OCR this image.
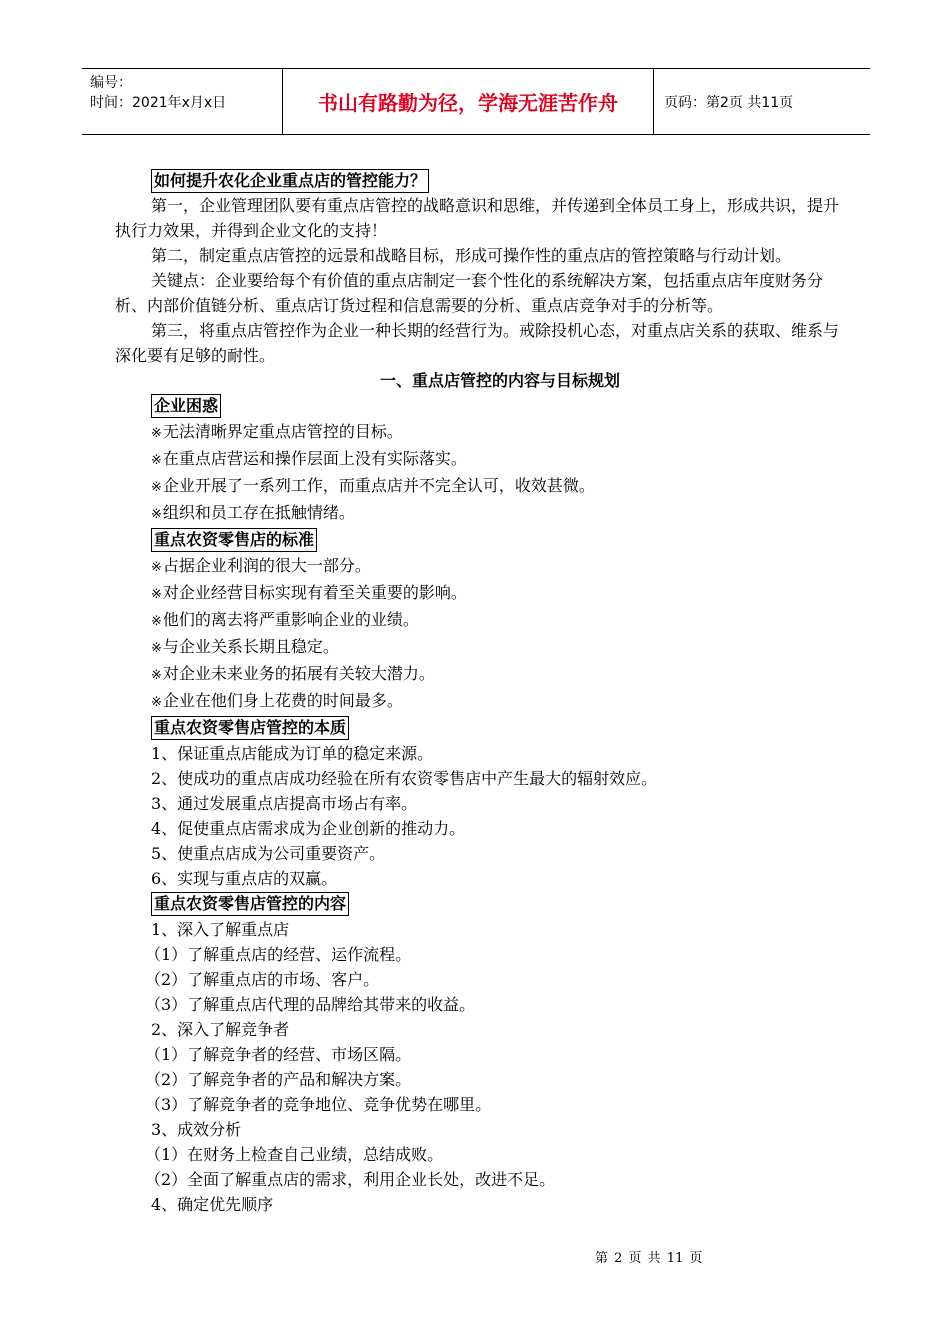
编号：
时间：2021年x月x日	书山有路勤为径，学海无涯苦作舟	页码：第2页 共11页
如何提升农化企业重点店的管控能力？

第一，企业管理团队要有重点店管控的战略意识和思维，并传递到全体员工身上，形成共识，提升执行力效果，并得到企业文化的支持！

第二，制定重点店管控的远景和战略目标，形成可操作性的重点店的管控策略与行动计划。

关键点：企业要给每个有价值的重点店制定一套个性化的系统解决方案，包括重点店年度财务分析、内部价值链分析、重点店订货过程和信息需要的分析、重点店竞争对手的分析等。

第三，将重点店管控作为企业一种长期的经营行为。戒除投机心态，对重点店关系的获取、维系与深化要有足够的耐性。

一、重点店管控的内容与目标规划

企业困惑

※无法清晰界定重点店管控的目标。

※在重点店营运和操作层面上没有实际落实。

※企业开展了一系列工作，而重点店并不完全认可，收效甚微。

※组织和员工存在抵触情绪。

重点农资零售店的标准

※占据企业利润的很大一部分。

※对企业经营目标实现有着至关重要的影响。

※他们的离去将严重影响企业的业绩。

※与企业关系长期且稳定。

※对企业未来业务的拓展有关较大潜力。

※企业在他们身上花费的时间最多。

重点农资零售店管控的本质

1、保证重点店能成为订单的稳定来源。

2、使成功的重点店成功经验在所有农资零售店中产生最大的辐射效应。

3、通过发展重点店提高市场占有率。

4、促使重点店需求成为企业创新的推动力。

5、使重点店成为公司重要资产。

6、实现与重点店的双赢。

重点农资零售店管控的内容

1、深入了解重点店

（1）了解重点店的经营、运作流程。

（2）了解重点店的市场、客户。

（3）了解重点店代理的品牌给其带来的收益。

2、深入了解竞争者

（1）了解竞争者的经营、市场区隔。

（2）了解竞争者的产品和解决方案。

（3）了解竞争者的竞争地位、竞争优势在哪里。

3、成效分析

（1）在财务上检查自己业绩，总结成败。

（2）全面了解重点店的需求，利用企业长处，改进不足。

4、确定优先顺序

第 2 页 共 11 页
